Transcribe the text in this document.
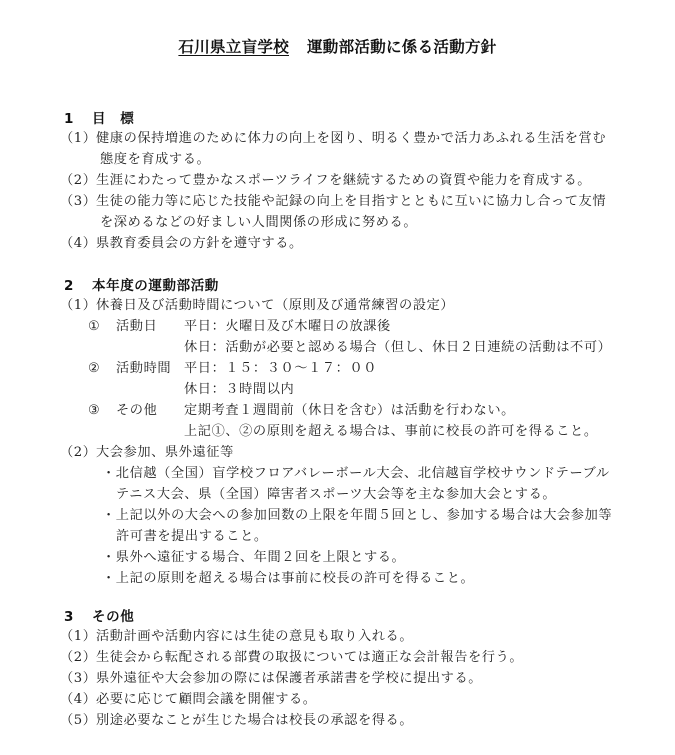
石川県立盲学校 運動部活動に係る活動方針
1 目　標
（1）健康の保持増進のために体力の向上を図り、明るく豊かで活力あふれる生活を営む
態度を育成する。
（2）生涯にわたって豊かなスポーツライフを継続するための資質や能力を育成する。
（3）生徒の能力等に応じた技能や記録の向上を目指すとともに互いに協力し合って友情
を深めるなどの好ましい人間関係の形成に努める。
（4）県教育委員会の方針を遵守する。
2 本年度の運動部活動
（1）休養日及び活動時間について（原則及び通常練習の設定）
① 活動日 平日：火曜日及び木曜日の放課後
休日：活動が必要と認める場合（但し、休日２日連続の活動は不可）
② 活動時間 平日：１５：３０～１７：００
休日：３時間以内
③ その他 定期考査１週間前（休日を含む）は活動を行わない。
上記①、②の原則を超える場合は、事前に校長の許可を得ること。
（2）大会参加、県外遠征等
・北信越（全国）盲学校フロアバレーボール大会、北信越盲学校サウンドテーブル
テニス大会、県（全国）障害者スポーツ大会等を主な参加大会とする。
・上記以外の大会への参加回数の上限を年間５回とし、参加する場合は大会参加等
許可書を提出すること。
・県外へ遠征する場合、年間２回を上限とする。
・上記の原則を超える場合は事前に校長の許可を得ること。
3 その他
（1）活動計画や活動内容には生徒の意見も取り入れる。
（2）生徒会から転配される部費の取扱については適正な会計報告を行う。
（3）県外遠征や大会参加の際には保護者承諾書を学校に提出する。
（4）必要に応じて顧問会議を開催する。
（5）別途必要なことが生じた場合は校長の承認を得る。
